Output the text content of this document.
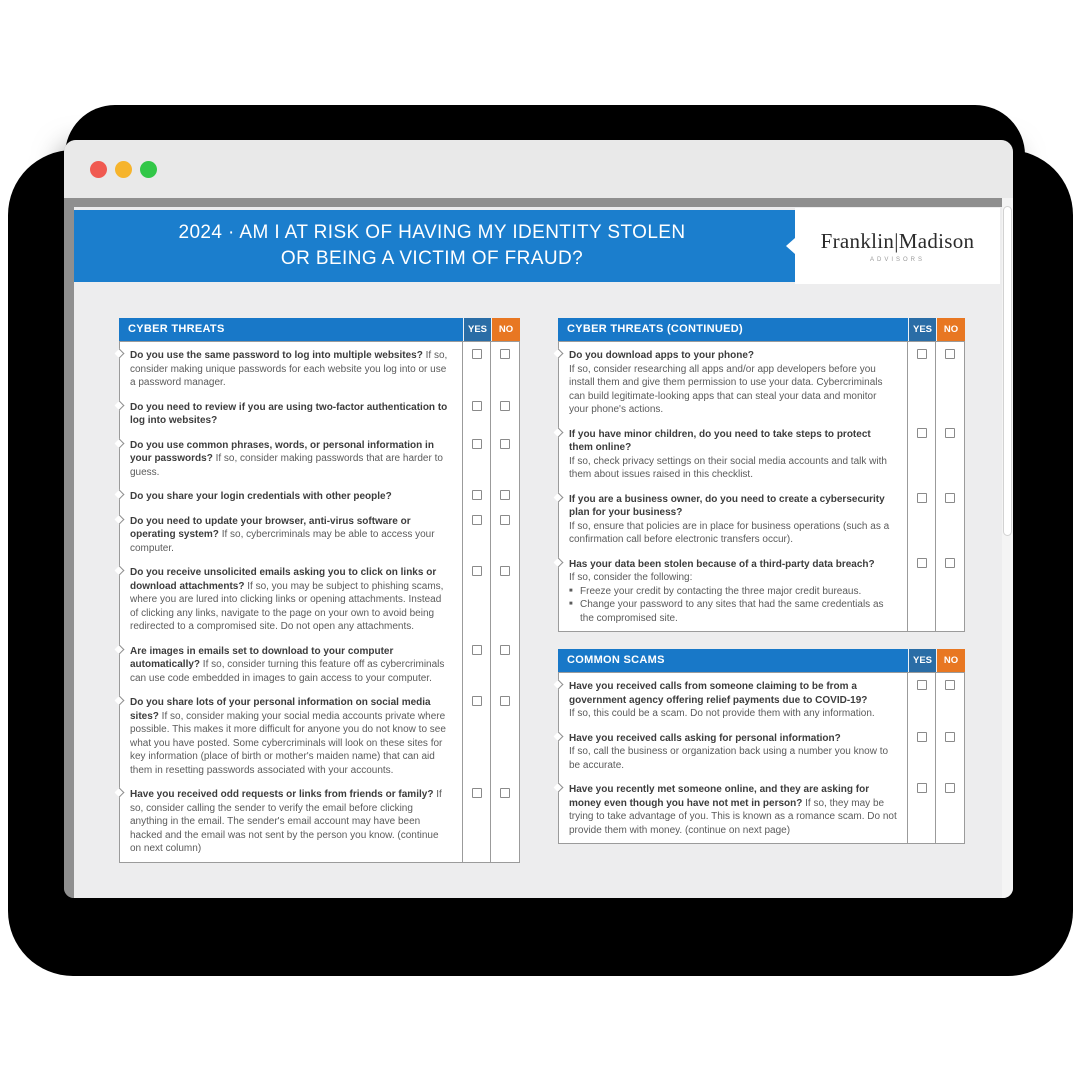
2024 · AM I AT RISK OF HAVING MY IDENTITY STOLEN
OR BEING A VICTIM OF FRAUD?
Franklin|Madison
ADVISORS
CYBER THREATS	YES	NO
Do you use the same password to log into multiple websites? If so, consider making unique passwords for each website you log into or use a password manager.
Do you need to review if you are using two-factor authentication to log into websites?
Do you use common phrases, words, or personal information in your passwords? If so, consider making passwords that are harder to guess.
Do you share your login credentials with other people?
Do you need to update your browser, anti-virus software or operating system? If so, cybercriminals may be able to access your computer.
Do you receive unsolicited emails asking you to click on links or download attachments? If so, you may be subject to phishing scams, where you are lured into clicking links or opening attachments. Instead of clicking any links, navigate to the page on your own to avoid being redirected to a compromised site. Do not open any attachments.
Are images in emails set to download to your computer automatically? If so, consider turning this feature off as cybercriminals can use code embedded in images to gain access to your computer.
Do you share lots of your personal information on social media sites? If so, consider making your social media accounts private where possible. This makes it more difficult for anyone you do not know to see what you have posted. Some cybercriminals will look on these sites for key information (place of birth or mother's maiden name) that can aid them in resetting passwords associated with your accounts.
Have you received odd requests or links from friends or family? If so, consider calling the sender to verify the email before clicking anything in the email. The sender's email account may have been hacked and the email was not sent by the person you know. (continue on next column)
CYBER THREATS (CONTINUED)	YES	NO
Do you download apps to your phone?
If so, consider researching all apps and/or app developers before you install them and give them permission to use your data. Cybercriminals can build legitimate-looking apps that can steal your data and monitor your phone's actions.
If you have minor children, do you need to take steps to protect them online?
If so, check privacy settings on their social media accounts and talk with them about issues raised in this checklist.
If you are a business owner, do you need to create a cybersecurity plan for your business?
If so, ensure that policies are in place for business operations (such as a confirmation call before electronic transfers occur).
Has your data been stolen because of a third-party data breach?
If so, consider the following:
■ Freeze your credit by contacting the three major credit bureaus.
■ Change your password to any sites that had the same credentials as the compromised site.
COMMON SCAMS	YES	NO
Have you received calls from someone claiming to be from a government agency offering relief payments due to COVID-19?
If so, this could be a scam. Do not provide them with any information.
Have you received calls asking for personal information?
If so, call the business or organization back using a number you know to be accurate.
Have you recently met someone online, and they are asking for money even though you have not met in person? If so, they may be trying to take advantage of you. This is known as a romance scam. Do not provide them with money. (continue on next page)
